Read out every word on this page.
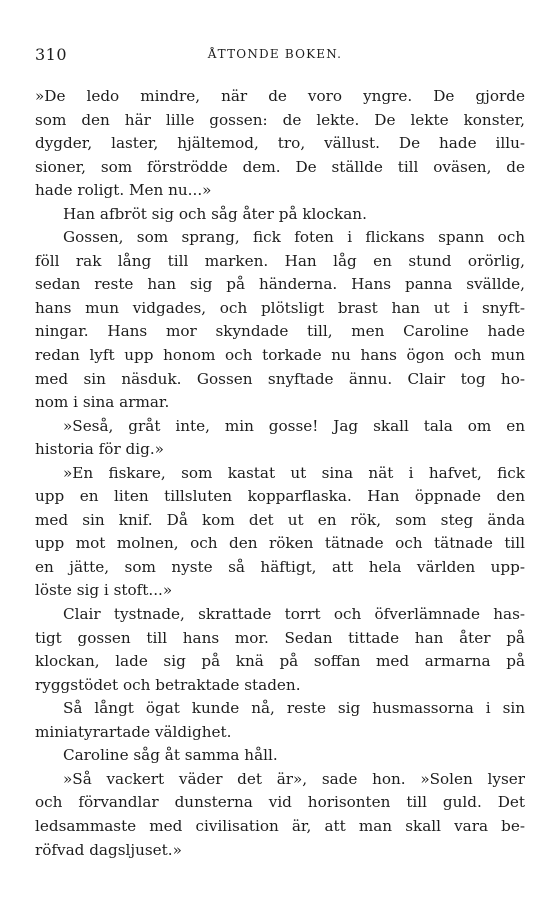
310	ÅTTONDE BOKEN.
»De ledo mindre, när de voro yngre. De gjorde
som den här lille gossen: de lekte. De lekte konster,
dygder, laster, hjältemod, tro, vällust. De hade illu-
sioner, som förströdde dem. De ställde till oväsen, de
hade roligt. Men nu...»
Han afbröt sig och såg åter på klockan.
Gossen, som sprang, fick foten i flickans spann och
föll rak lång till marken. Han låg en stund orörlig,
sedan reste han sig på händerna. Hans panna svällde,
hans mun vidgades, och plötsligt brast han ut i snyft-
ningar. Hans mor skyndade till, men Caroline hade
redan lyft upp honom och torkade nu hans ögon och mun
med sin näsduk. Gossen snyftade ännu. Clair tog ho-
nom i sina armar.
»Seså, gråt inte, min gosse! Jag skall tala om en
historia för dig.»
»En fiskare, som kastat ut sina nät i hafvet, fick
upp en liten tillsluten kopparflaska. Han öppnade den
med sin knif. Då kom det ut en rök, som steg ända
upp mot molnen, och den röken tätnade och tätnade till
en jätte, som nyste så häftigt, att hela världen upp-
löste sig i stoft...»
Clair tystnade, skrattade torrt och öfverlämnade has-
tigt gossen till hans mor. Sedan tittade han åter på
klockan, lade sig på knä på soffan med armarna på
ryggstödet och betraktade staden.
Så långt ögat kunde nå, reste sig husmassorna i sin
miniatyrartade väldighet.
Caroline såg åt samma håll.
»Så vackert väder det är», sade hon. »Solen lyser
och förvandlar dunsterna vid horisonten till guld. Det
ledsammaste med civilisation är, att man skall vara be-
röfvad dagsljuset.»
